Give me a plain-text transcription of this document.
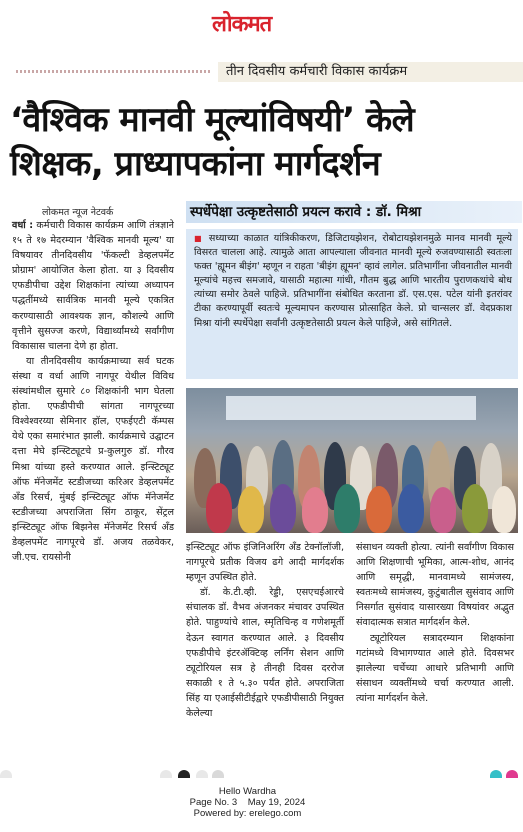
लोकमत
तीन दिवसीय कर्मचारी विकास कार्यक्रम
‘वैश्विक मानवी मूल्यांविषयी’ केले शिक्षक, प्राध्यापकांना मार्गदर्शन
लोकमत न्यूज नेटवर्क
वर्धा : कर्मचारी विकास कार्यक्रम आणि तंत्रज्ञाने १५ ते १७ मेदरम्यान 'वैश्विक मानवी मूल्य' या विषयावर तीनदिवसीय 'फॅकल्टी डेव्हलपमेंट प्रोग्राम' आयोजित केला होता. या ३ दिवसीय एफडीपीचा उद्देश शिक्षकांना त्यांच्या अध्यापन पद्धतींमध्ये सार्वत्रिक मानवी मूल्ये एकत्रित करण्यासाठी आवश्यक ज्ञान, कौशल्ये आणि वृत्तीने सुसज्ज करणे, विद्यार्थ्यांमध्ये सर्वांगीण विकासास चालना देणे हा होता.
या तीनदिवसीय कार्यक्रमाच्या सर्व घटक संस्था व वर्धा आणि नागपूर येथील विविध संस्थांमधील सुमारे ८० शिक्षकांनी भाग घेतला होता. एफडीपीची सांगता नागपूरच्या विश्वेश्वरय्या सेमिनार हॉल, एफईएटी कॅम्पस येथे एका समारंभात झाली. कार्यक्रमाचे उद्घाटन दत्ता मेघे इन्स्टिट्यूटचे प्र-कुलगुरु डॉ. गौरव मिश्रा यांच्या हस्ते करण्यात आले. इन्स्टिट्यूट ऑफ मॅनेजमेंट स्टडीजच्या करिअर डेव्हलपमेंट अँड रिसर्च, मुंबई इन्स्टिट्यूट ऑफ मॅनेजमेंट स्टडीजच्या अपराजिता सिंग ठाकूर, सेंट्रल इन्स्टिट्यूट ऑफ बिझनेस मॅनेजमेंट रिसर्च अँड डेव्हलपमेंट नागपूरचे डॉ. अजय तळवेकर, जी.एच. रायसोनी
स्पर्धेपेक्षा उत्कृष्टतेसाठी प्रयत्न करावे : डॉ. मिश्रा
■ सध्याच्या काळात यांत्रिकीकरण, डिजिटायझेशन, रोबोटायझेशनमुळे मानव मानवी मूल्ये विसरत चालला आहे. त्यामुळे आता आपल्याला जीवनात मानवी मूल्ये रुजवण्यासाठी स्वतःला फक्त 'ह्यूमन बीइंग' म्हणून न राहता 'बीइंग ह्यूमन' व्हावं लागेल. प्रतिभागींना जीवनातील मानवी मूल्यांचे महत्त्व समजावे, यासाठी महात्मा गांधी, गौतम बुद्ध आणि भारतीय पुराणकथांचे बोध त्यांच्या समोर ठेवले पाहिजे. प्रतिभागींना संबोधित करताना डॉ. एस.एस. पटेल यांनी इतरांवर टीका करण्यापूर्वी स्वतःचे मूल्यमापन करण्यास प्रोत्साहित केले. प्रो चान्सलर डॉ. वेदप्रकाश मिश्रा यांनी स्पर्धेपेक्षा सर्वांनी उत्कृष्टतेसाठी प्रयत्न केले पाहिजे, असे सांगितले.
इन्स्टिट्यूट ऑफ इंजिनिअरिंग अँड टेक्नॉलॉजी, नागपूरचे प्रतीक विजय ढगे आदी मार्गदर्शक म्हणून उपस्थित होते.
डॉ. के.टी.व्ही. रेड्डी, एसएचईआरचे संचालक डॉ. वैभव अंजनकर मंचावर उपस्थित होते. पाहुण्यांचे शाल, स्मृतिचिन्ह व गणेशमूर्ती देऊन स्वागत करण्यात आले. ३ दिवसीय एफडीपीचे इंटरॲक्टिव्ह लर्निंग सेशन आणि ट्यूटोरियल सत्र हे तीनही दिवस दररोज सकाळी १ ते ५.३० पर्यंत होते. अपराजिता सिंह या एआईसीटीईद्वारे एफडीपीसाठी नियुक्त केलेल्या
संसाधन व्यक्ती होत्या. त्यांनी सर्वांगीण विकास आणि शिक्षणाची भूमिका, आत्म-शोध, आनंद आणि समृद्धी, मानवामध्ये सामंजस्य, स्वतःमध्ये सामंजस्य, कुटुंबातील सुसंवाद आणि निसर्गात सुसंवाद यासारख्या विषयांवर अद्भुत संवादात्मक सत्रात मार्गदर्शन केले.
ट्यूटोरियल सत्रादरम्यान शिक्षकांना गटांमध्ये विभागण्यात आले होते. दिवसभर झालेल्या चर्चेच्या आधारे प्रतिभागी आणि संसाधन व्यक्तींमध्ये चर्चा करण्यात आली. त्यांना मार्गदर्शन केले.
Hello Wardha
Page No. 3    May 19, 2024
Powered by: erelego.com
